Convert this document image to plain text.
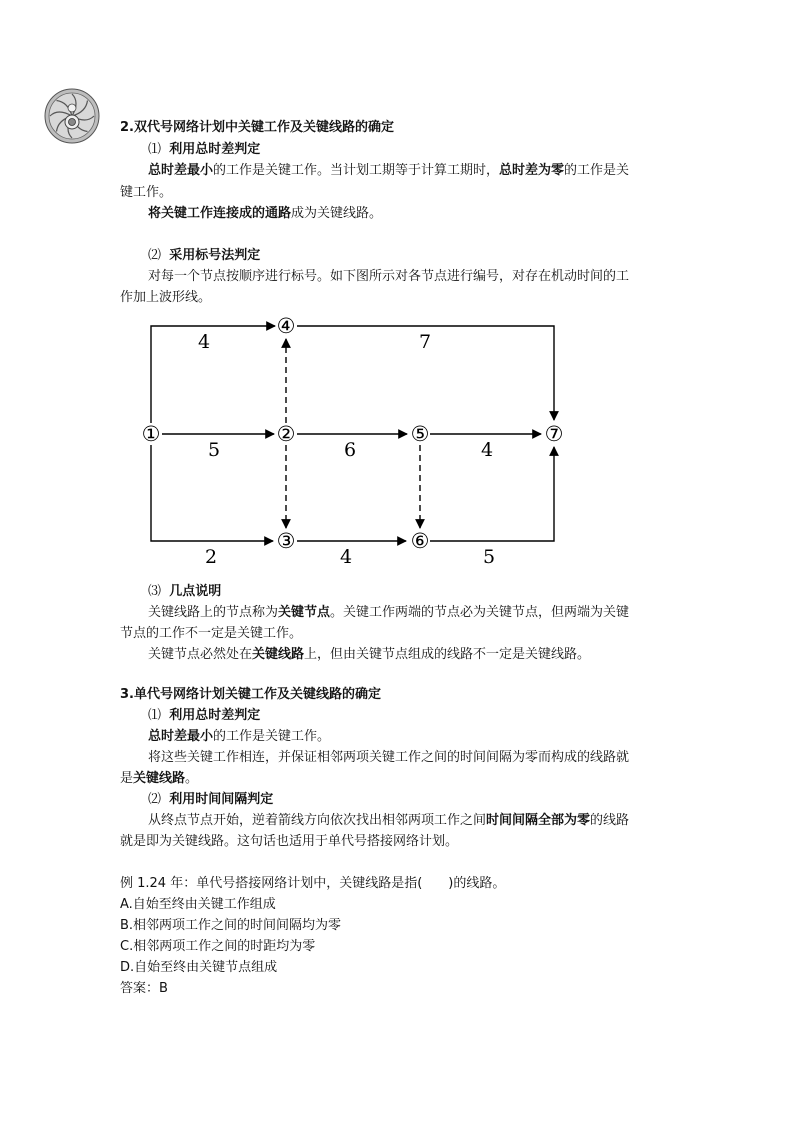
2.双代号网络计划中关键工作及关键线路的确定
⑴ 利用总时差判定
总时差最小的工作是关键工作。当计划工期等于计算工期时，总时差为零的工作是关
键工作。
将关键工作连接成的通路成为关键线路。
⑵ 采用标号法判定
对每一个节点按顺序进行标号。如下图所示对各节点进行编号，对存在机动时间的工
作加上波形线。
①	②
③
④
⑤
⑥
⑦
4	7
5	6	4
2	4	5
⑶ 几点说明
关键线路上的节点称为关键节点。关键工作两端的节点必为关键节点，但两端为关键
节点的工作不一定是关键工作。
关键节点必然处在关键线路上，但由关键节点组成的线路不一定是关键线路。
3.单代号网络计划关键工作及关键线路的确定
⑴ 利用总时差判定
总时差最小的工作是关键工作。
将这些关键工作相连，并保证相邻两项关键工作之间的时间间隔为零而构成的线路就
是关键线路。
⑵ 利用时间间隔判定
从终点节点开始，逆着箭线方向依次找出相邻两项工作之间时间间隔全部为零的线路
就是即为关键线路。这句话也适用于单代号搭接网络计划。
例 1.24 年：单代号搭接网络计划中，关键线路是指(　　)的线路。
A.自始至终由关键工作组成
B.相邻两项工作之间的时间间隔均为零
C.相邻两项工作之间的时距均为零
D.自始至终由关键节点组成
答案：B
